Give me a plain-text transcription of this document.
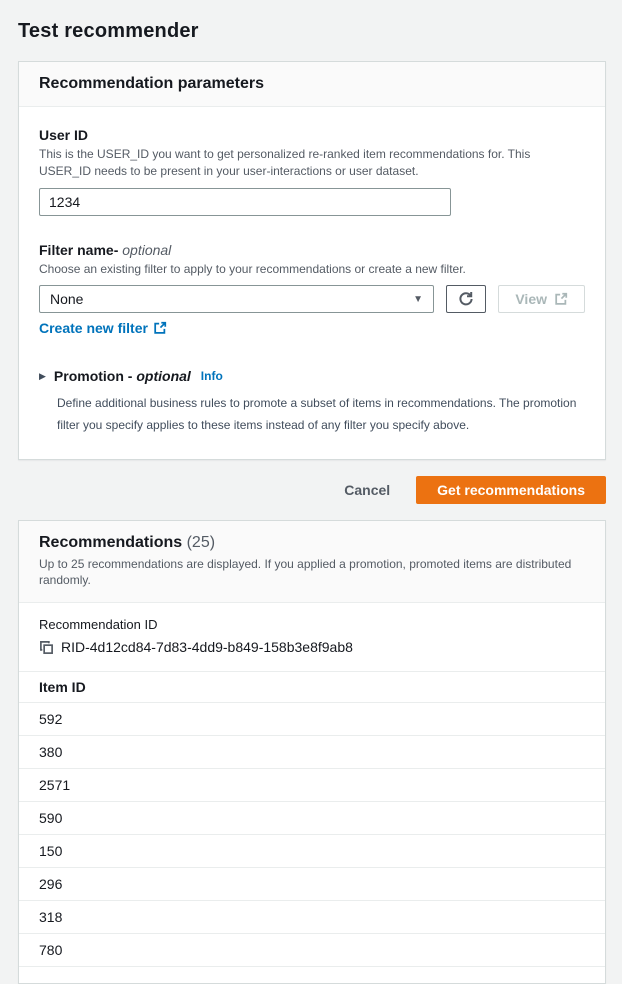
Test recommender
Recommendation parameters
User ID

This is the USER_ID you want to get personalized re-ranked item recommendations for. This USER_ID needs to be present in your user-interactions or user dataset.

1234
Filter name- optional

Choose an existing filter to apply to your recommendations or create a new filter.

None	▼	View
Create new filter
▶ Promotion - optional Info

Define additional business rules to promote a subset of items in recommendations. The promotion filter you specify applies to these items instead of any filter you specify above.

Cancel	Get recommendations
Recommendations (25)
Up to 25 recommendations are displayed. If you applied a promotion, promoted items are distributed randomly.
Recommendation ID
RID-4d12cd84-7d83-4dd9-b849-158b3e8f9ab8
Item ID
592
380
2571
590
150
296
318
780
